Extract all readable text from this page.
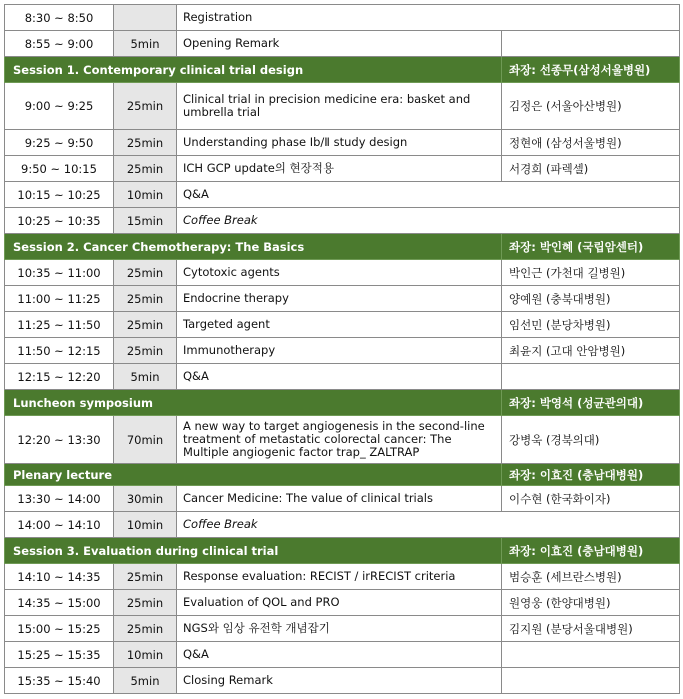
8:30 ~ 8:50		Registration	
8:55 ~ 9:00	5min	Opening Remark	
Session 1. Contemporary clinical trial design			좌장: 선종무(삼성서울병원)
9:00 ~ 9:25	25min	Clinical trial in precision medicine era: basket and umbrella trial	김정은 (서울아산병원)
9:25 ~ 9:50	25min	Understanding phase Ⅰb/Ⅱ study design	정현애 (삼성서울병원)
9:50 ~ 10:15	25min	ICH GCP update의 현장적용	서경희 (파렉셀)
10:15 ~ 10:25	10min	Q&A	
10:25 ~ 10:35	15min	Coffee Break	
Session 2. Cancer Chemotherapy: The Basics			좌장: 박인혜 (국립암센터)
10:35 ~ 11:00	25min	Cytotoxic agents	박인근 (가천대 길병원)
11:00 ~ 11:25	25min	Endocrine therapy	양예원 (충북대병원)
11:25 ~ 11:50	25min	Targeted agent	임선민 (분당차병원)
11:50 ~ 12:15	25min	Immunotherapy	최윤지 (고대 안암병원)
12:15 ~ 12:20	5min	Q&A	
Luncheon symposium			좌장: 박영석 (성균관의대)
12:20 ~ 13:30	70min	A new way to target angiogenesis in the second-line treatment of metastatic colorectal cancer: The Multiple angiogenic factor trap_ ZALTRAP	강병욱 (경북의대)
Plenary lecture			좌장: 이효진 (충남대병원)
13:30 ~ 14:00	30min	Cancer Medicine: The value of clinical trials	이수현 (한국화이자)
14:00 ~ 14:10	10min	Coffee Break	
Session 3. Evaluation during clinical trial			좌장: 이효진 (충남대병원)
14:10 ~ 14:35	25min	Response evaluation: RECIST / irRECIST criteria	범승훈 (세브란스병원)
14:35 ~ 15:00	25min	Evaluation of QOL and PRO	원영웅 (한양대병원)
15:00 ~ 15:25	25min	NGS와 임상 유전학 개념잡기	김지원 (분당서울대병원)
15:25 ~ 15:35	10min	Q&A	
15:35 ~ 15:40	5min	Closing Remark	
